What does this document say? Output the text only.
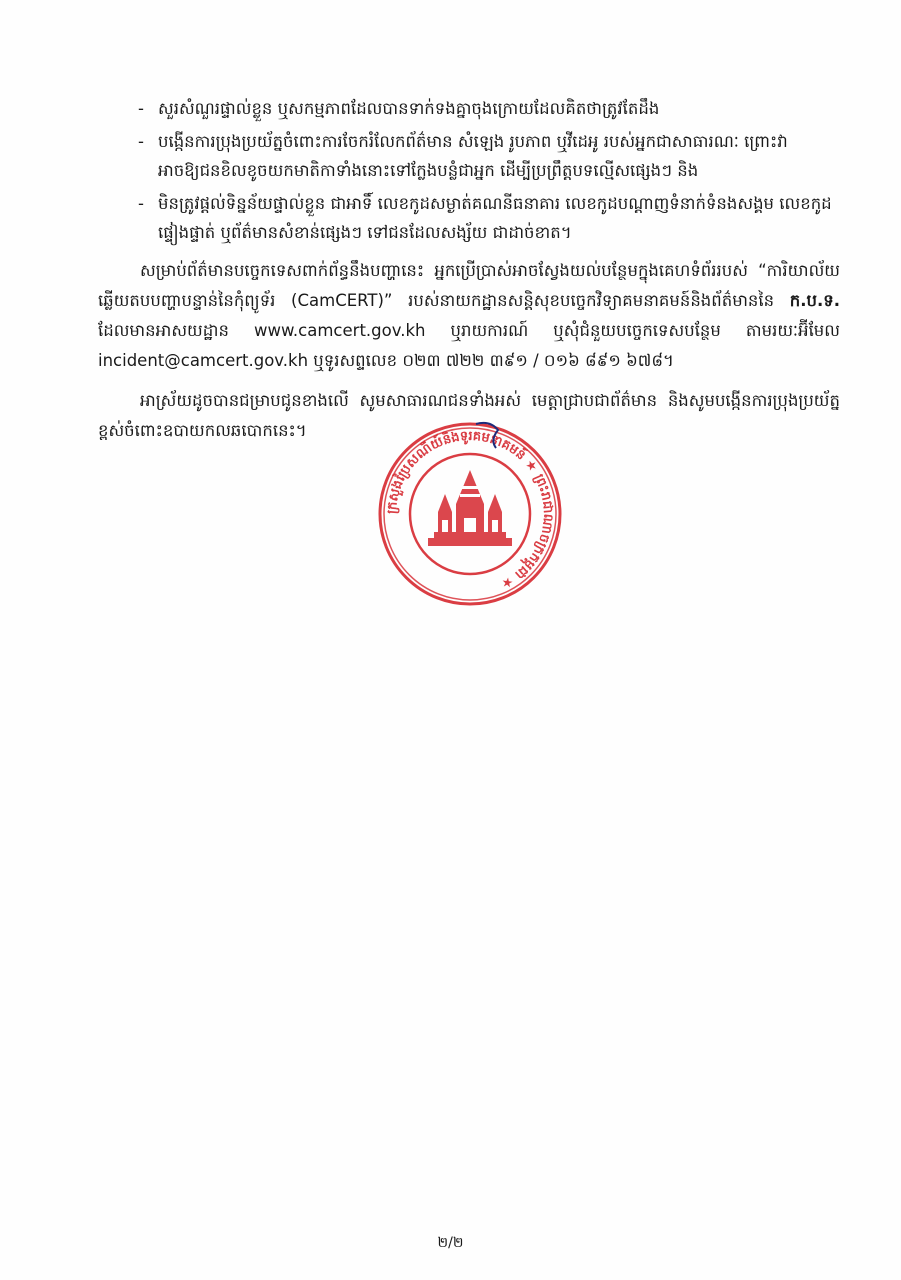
- សួរសំណួរផ្ទាល់ខ្លួន ឬសកម្មភាពដែលបានទាក់ទងគ្នាចុងក្រោយដែលគិតថាត្រូវតែដឹង
- បង្កើនការប្រុងប្រយ័ត្នចំពោះការចែករំលែកព័ត៌មាន សំឡេង រូបភាព ឬវីដេអូ របស់អ្នកជាសាធារណៈ ព្រោះវាអាចឱ្យជនខិលខូចយកមាតិកាទាំងនោះទៅក្លែងបន្លំជាអ្នក ដើម្បីប្រព្រឹត្តបទល្មើសផ្សេងៗ និង
- មិនត្រូវផ្ដល់ទិន្នន័យផ្ទាល់ខ្លួន ជាអាទិ៍ លេខកូដសម្ងាត់គណនីធនាគារ លេខកូដបណ្ដាញទំនាក់ទំនងសង្គម លេខកូដផ្ទៀងផ្ទាត់ ឬព័ត៌មានសំខាន់ផ្សេងៗ ទៅជនដែលសង្ស័យ ជាដាច់ខាត។
សម្រាប់ព័ត៌មានបច្ចេកទេសពាក់ព័ន្ធនឹងបញ្ហានេះ អ្នកប្រើប្រាស់អាចស្វែងយល់បន្ថែមក្នុងគេហទំព័ររបស់ “ការិយាល័យឆ្លើយតបបញ្ហាបន្ទាន់នៃកុំព្យូទ័រ (CamCERT)” របស់នាយកដ្ឋានសន្តិសុខបច្ចេកវិទ្យាគមនាគមន៍និងព័ត៌មាននៃ ក.ប.ទ. ដែលមានអាសយដ្ឋាន www.camcert.gov.kh ឬរាយការណ៍ ឬសុំជំនួយបច្ចេកទេសបន្ថែម តាមរយៈអ៊ីមែល incident@camcert.gov.kh ឬទូរសព្ទលេខ ០២៣ ៧២២ ៣៩១ / ០១៦ ៨៩១ ៦៧៨។
អាស្រ័យដូចបានជម្រាបជូនខាងលើ សូមសាធារណជនទាំងអស់ មេត្តាជ្រាបជាព័ត៌មាន និងសូមបង្កើនការប្រុងប្រយ័ត្នខ្ពស់ចំពោះឧបាយកលឆបោកនេះ។
ក្រសួងប្រៃសណីយ៍និងទូរគមនាគមន៍ ★ ព្រះរាជាណាចក្រកម្ពុជា ★
២/២
